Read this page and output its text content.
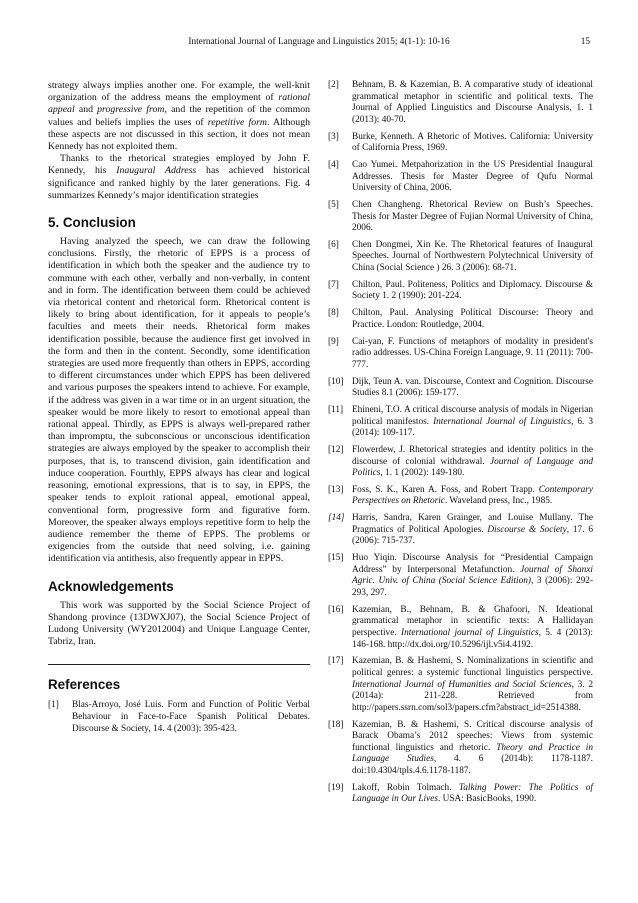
International Journal of Language and Linguistics 2015; 4(1-1): 10-16	15

strategy always implies another one. For example, the well-knit organization of the address means the employment of rational appeal and progressive from, and the repetition of the common values and beliefs implies the uses of repetitive form. Although these aspects are not discussed in this section, it does not mean Kennedy has not exploited them.

Thanks to the rhetorical strategies employed by John F. Kennedy, his Inaugural Address has achieved historical significance and ranked highly by the later generations. Fig. 4 summarizes Kennedy’s major identification strategies

5. Conclusion

Having analyzed the speech, we can draw the following conclusions. Firstly, the rhetoric of EPPS is a process of identification in which both the speaker and the audience try to commune with each other, verbally and non-verbally, in content and in form. The identification between them could be achieved via rhetorical content and rhetorical form. Rhetorical content is likely to bring about identification, for it appeals to people’s faculties and meets their needs. Rhetorical form makes identification possible, because the audience first get involved in the form and then in the content. Secondly, some identification strategies are used more frequently than others in EPPS, according to different circumstances under which EPPS has been delivered and various purposes the speakers intend to achieve. For example, if the address was given in a war time or in an urgent situation, the speaker would be more likely to resort to emotional appeal than rational appeal. Thirdly, as EPPS is always well-prepared rather than impromptu, the subconscious or unconscious identification strategies are always employed by the speaker to accomplish their purposes, that is, to transcend division, gain identification and induce cooperation. Fourthly, EPPS always has clear and logical reasoning, emotional expressions, that is to say, in EPPS, the speaker tends to exploit rational appeal, emotional appeal, conventional form, progressive form and figurative form. Moreover, the speaker always employs repetitive form to help the audience remember the theme of EPPS. The problems or exigencies from the outside that need solving, i.e. gaining identification via antithesis, also frequently appear in EPPS.

Acknowledgements

This work was supported by the Social Science Project of Shandong province (13DWXJ07), the Social Science Project of Ludong University (WY2012004) and Unique Language Center, Tabriz, Iran.

References
[1] Blas-Arroyo, José Luis. Form and Function of Politic Verbal Behaviour in Face-to-Face Spanish Political Debates. Discourse & Society, 14. 4 (2003): 395-423.
[2] Behnam, B. & Kazemian, B. A comparative study of ideational grammatical metaphor in scientific and political texts. The Journal of Applied Linguistics and Discourse Analysis, 1. 1 (2013): 40-70.
[3] Burke, Kenneth. A Rhetoric of Motives. California: University of California Press, 1969.
[4] Cao Yumei. Metpahorization in the US Presidential Inaugural Addresses. Thesis for Master Degree of Qufu Normal University of China, 2006.
[5] Chen Changheng. Rhetorical Review on Bush’s Speeches. Thesis for Master Degree of Fujian Normal University of China, 2006.
[6] Chen Dongmei, Xin Ke. The Rhetorical features of Inaugural Speeches. Journal of Northwestern Polytechnical University of China (Social Science ) 26. 3 (2006): 68-71.
[7] Chilton, Paul. Politeness, Politics and Diplomacy. Discourse & Society 1. 2 (1990): 201-224.
[8] Chilton, Paul. Analysing Political Discourse: Theory and Practice. London: Routledge, 2004.
[9] Cai-yan, F. Functions of metaphors of modality in president's radio addresses. US-China Foreign Language, 9. 11 (2011): 700-777.
[10] Dijk, Teun A. van. Discourse, Context and Cognition. Discourse Studies 8.1 (2006): 159-177.
[11] Ehineni, T.O. A critical discourse analysis of modals in Nigerian political manifestos. International Journal of Linguistics, 6. 3 (2014): 109-117.
[12] Flowerdew, J. Rhetorical strategies and identity politics in the discourse of colonial withdrawal. Journal of Language and Politics, 1. 1 (2002): 149-180.
[13] Foss, S. K., Karen A. Foss, and Robert Trapp. Contemporary Perspectives on Rhetoric. Waveland press, Inc., 1985.
[14] Harris, Sandra, Karen Grainger, and Louise Mullany. The Pragmatics of Political Apologies. Discourse & Society, 17. 6 (2006): 715-737.
[15] Huo Yiqin. Discourse Analysis for “Presidential Campaign Address” by Interpersonal Metafunction. Journal of Shanxi Agric. Univ. of China (Social Science Edition), 3 (2006): 292-293, 297.
[16] Kazemian, B., Behnam, B. & Ghafoori, N. Ideational grammatical metaphor in scientific texts: A Hallidayan perspective. International journal of Linguistics, 5. 4 (2013): 146-168. http://dx.doi.org/10.5296/ijl.v5i4.4192.
[17] Kazemian, B. & Hashemi, S. Nominalizations in scientific and political genres: a systemic functional linguistics perspective. International Journal of Humanities and Social Sciences, 3. 2 (2014a): 211-228. Retrieved from http://papers.ssrn.com/sol3/papers.cfm?abstract_id=2514388.
[18] Kazemian, B. & Hashemi, S. Critical discourse analysis of Barack Obama’s 2012 speeches: Views from systemic functional linguistics and rhetoric. Theory and Practice in Language Studies, 4. 6 (2014b): 1178-1187. doi:10.4304/tpls.4.6.1178-1187.
[19] Lakoff, Robin Tolmach. Talking Power: The Politics of Language in Our Lives. USA: BasicBooks, 1990.
